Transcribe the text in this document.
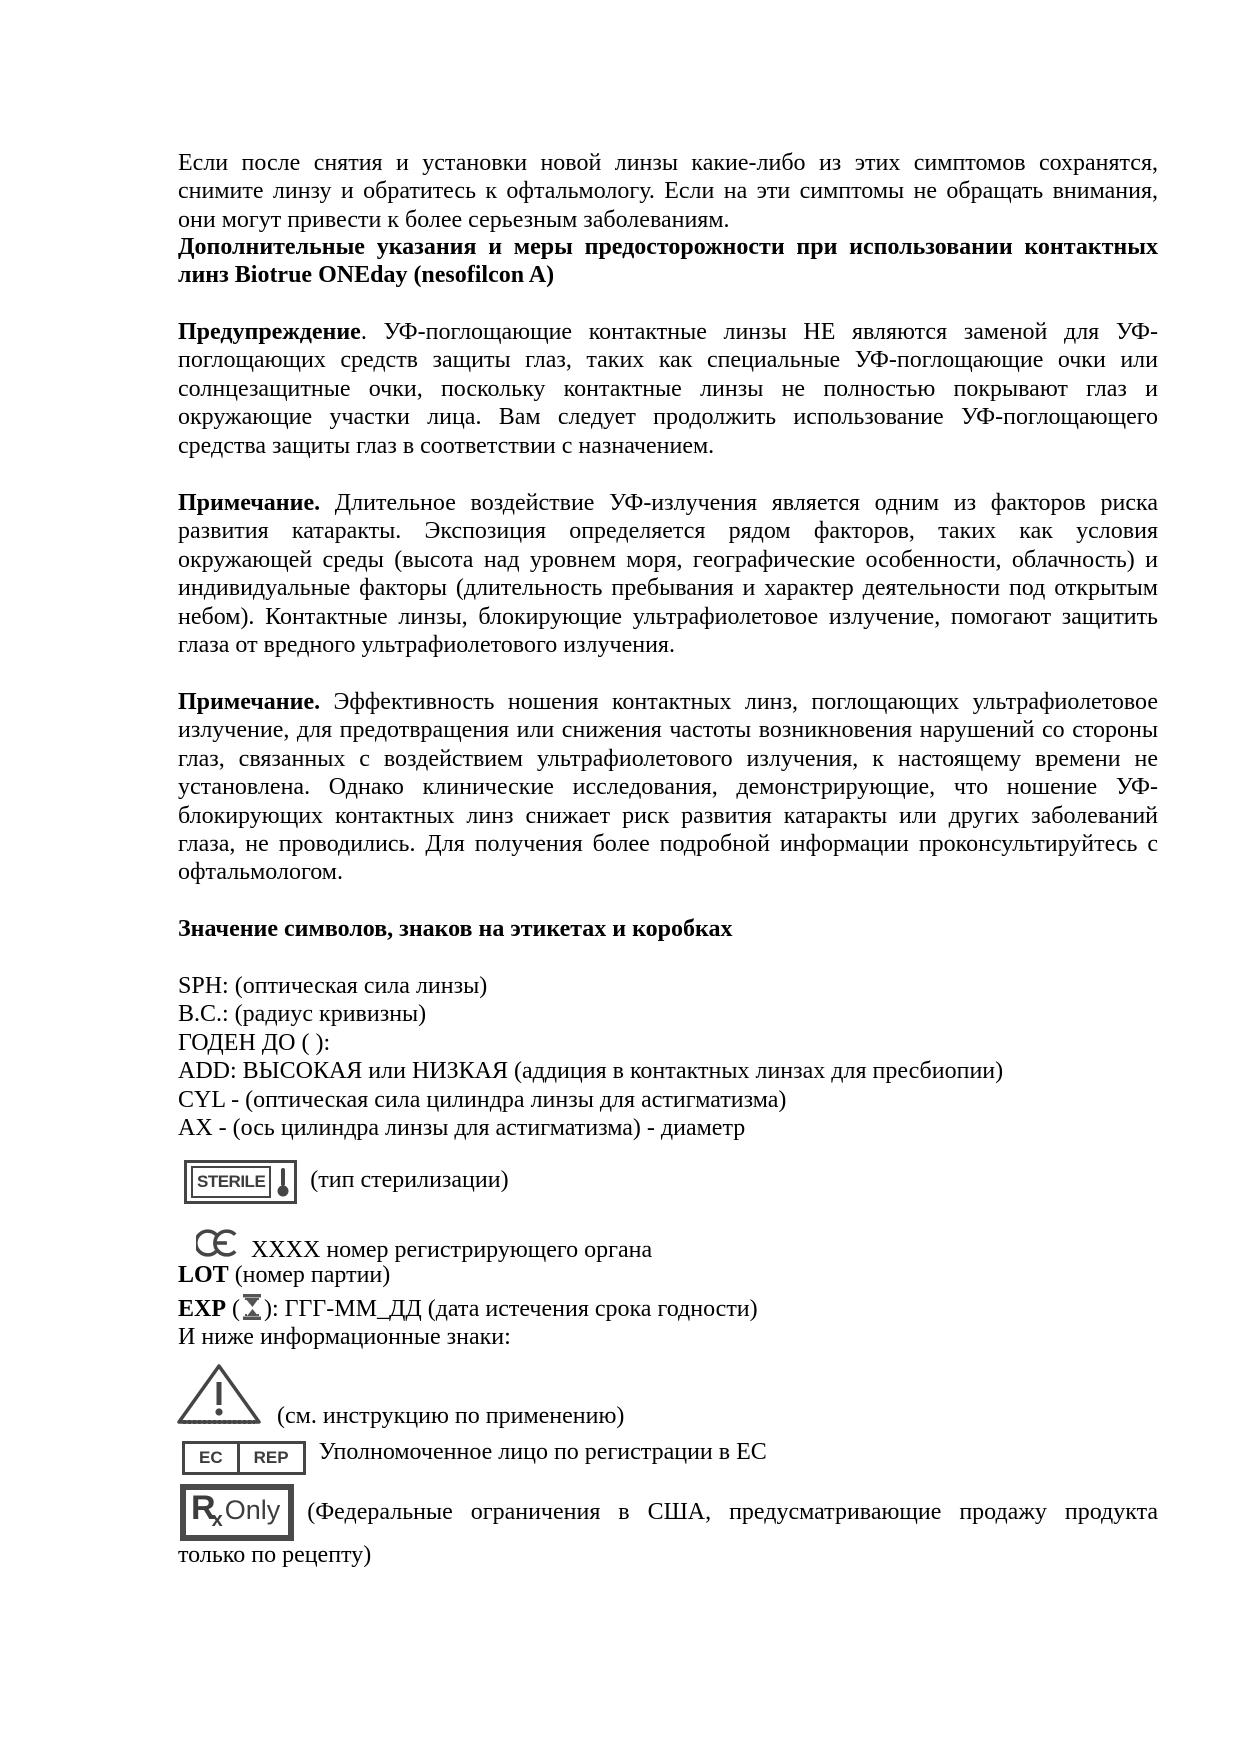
Если после снятия и установки новой линзы какие-либо из этих симптомов сохранятся, снимите линзу и обратитесь к офтальмологу. Если на эти симптомы не обращать внимания, они могут привести к более серьезным заболеваниям.

Дополнительные указания и меры предосторожности при использовании контактных линз Biotrue ONEday (nesofilcon A)

Предупреждение. УФ-поглощающие контактные линзы НЕ являются заменой для УФ-поглощающих средств защиты глаз, таких как специальные УФ-поглощающие очки или солнцезащитные очки, поскольку контактные линзы не полностью покрывают глаз и окружающие участки лица. Вам следует продолжить использование УФ-поглощающего средства защиты глаз в соответствии с назначением.

Примечание. Длительное воздействие УФ-излучения является одним из факторов риска развития катаракты. Экспозиция определяется рядом факторов, таких как условия окружающей среды (высота над уровнем моря, географические особенности, облачность) и индивидуальные факторы (длительность пребывания и характер деятельности под открытым небом). Контактные линзы, блокирующие ультрафиолетовое излучение, помогают защитить глаза от вредного ультрафиолетового излучения.

Примечание. Эффективность ношения контактных линз, поглощающих ультрафиолетовое излучение, для предотвращения или снижения частоты возникновения нарушений со стороны глаз, связанных с воздействием ультрафиолетового излучения, к настоящему времени не установлена. Однако клинические исследования, демонстрирующие, что ношение УФ-блокирующих контактных линз снижает риск развития катаракты или других заболеваний глаза, не проводились. Для получения более подробной информации проконсультируйтесь с офтальмологом.

Значение символов, знаков на этикетах и коробках

SPH: (оптическая сила линзы)
B.C.: (радиус кривизны)
ГОДЕН ДО ( ):
ADD: ВЫСОКАЯ или НИЗКАЯ (аддиция в контактных линзах для пресбиопии)
CYL - (оптическая сила цилиндра линзы для астигматизма)
AX - (ось цилиндра линзы для астигматизма) - диаметр
STERILE (тип стерилизации)
XXXX номер регистрирующего органа
LOT (номер партии)
EXP ( ): ГГГ-ММ_ДД (дата истечения срока годности)
И ниже информационные знаки:
(см. инструкцию по применению)
EC	REP	Уполномоченное лицо по регистрации в ЕС

$R_xOnly$ (Федеральные ограничения в США, предусматривающие продажу продукта только по рецепту)
